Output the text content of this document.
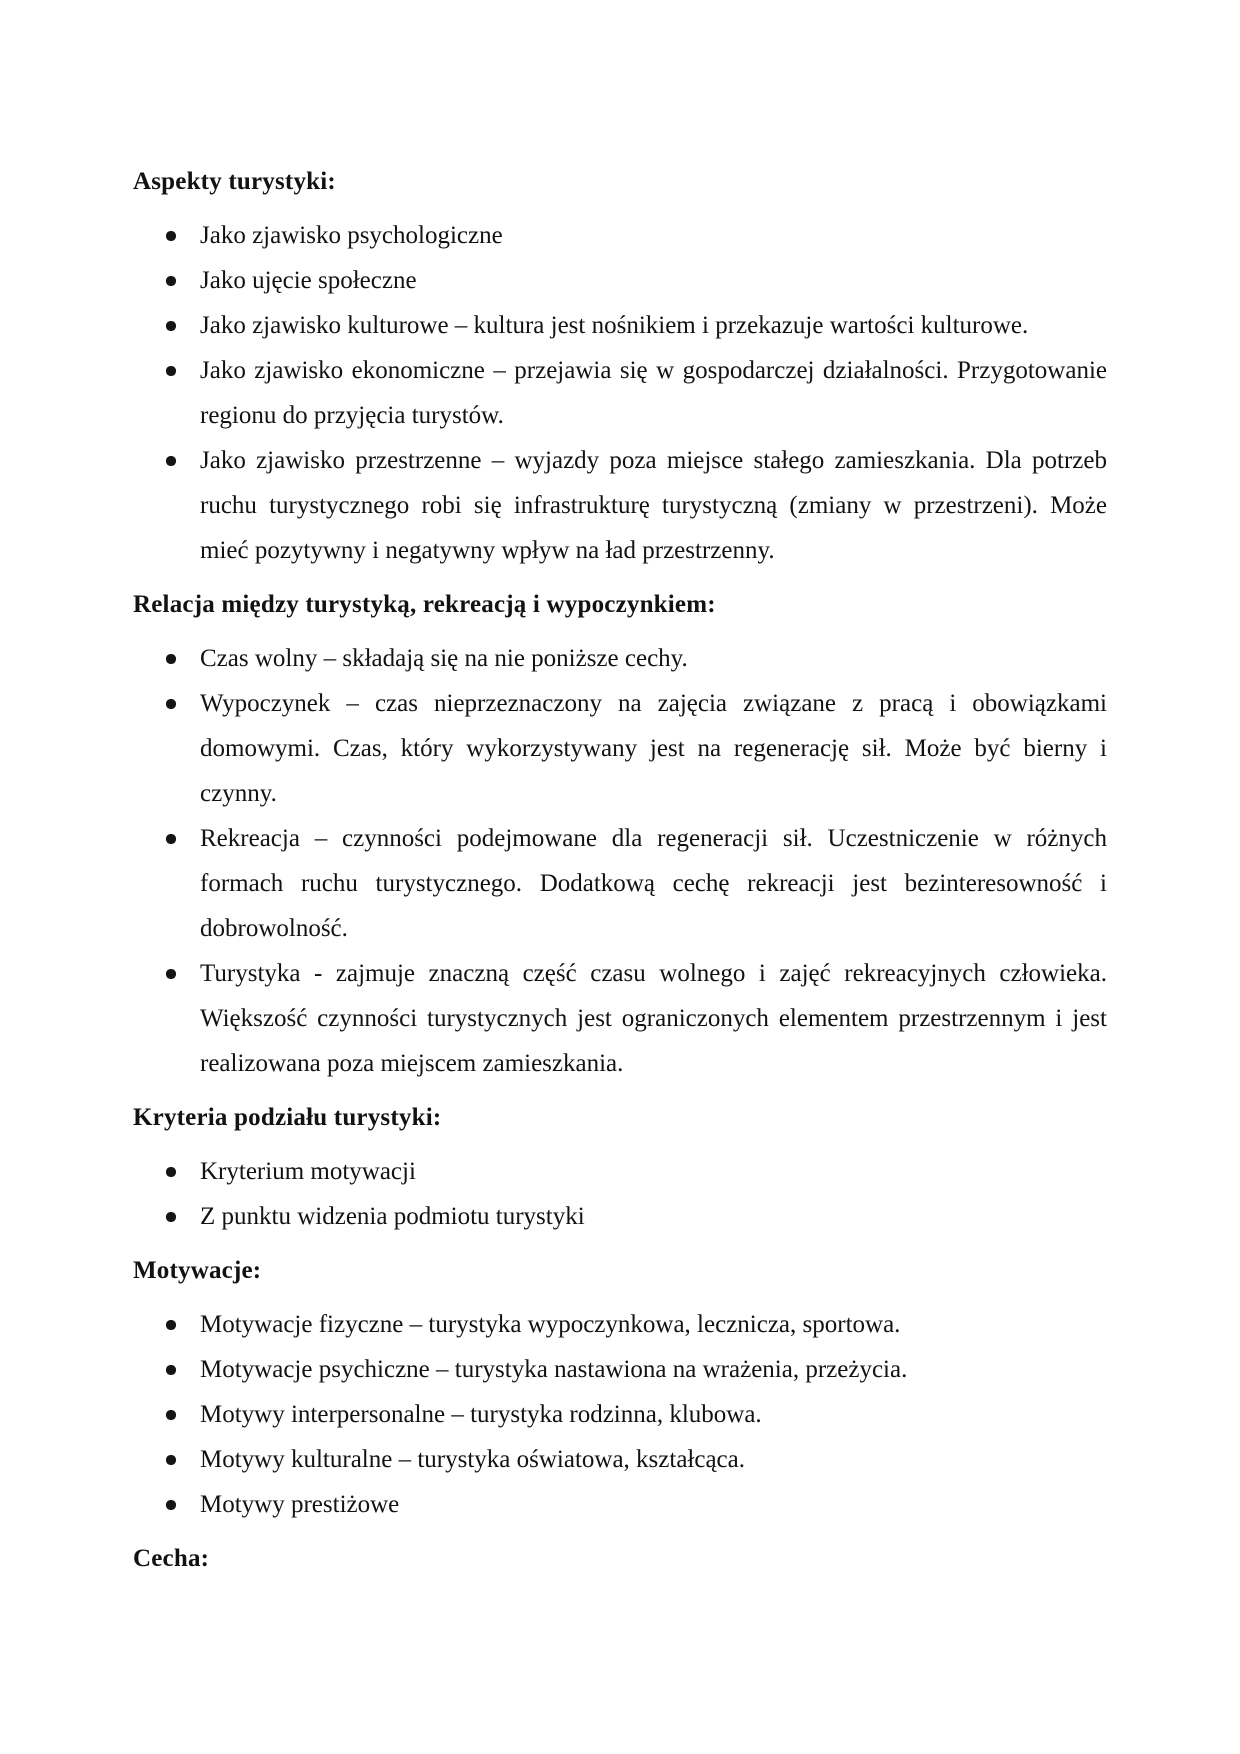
Aspekty turystyki:
Jako zjawisko psychologiczne
Jako ujęcie społeczne
Jako zjawisko kulturowe – kultura jest nośnikiem i przekazuje wartości kulturowe.
Jako zjawisko ekonomiczne – przejawia się w gospodarczej działalności. Przygotowanie regionu do przyjęcia turystów.
Jako zjawisko przestrzenne – wyjazdy poza miejsce stałego zamieszkania. Dla potrzeb ruchu turystycznego robi się infrastrukturę turystyczną (zmiany w przestrzeni). Może mieć pozytywny i negatywny wpływ na ład przestrzenny.
Relacja między turystyką, rekreacją i wypoczynkiem:
Czas wolny – składają się na nie poniższe cechy.
Wypoczynek – czas nieprzeznaczony na zajęcia związane z pracą i obowiązkami domowymi. Czas, który wykorzystywany jest na regenerację sił. Może być bierny i czynny.
Rekreacja – czynności podejmowane dla regeneracji sił. Uczestniczenie w różnych formach ruchu turystycznego. Dodatkową cechę rekreacji jest bezinteresowność i dobrowolność.
Turystyka - zajmuje znaczną część czasu wolnego i zajęć rekreacyjnych człowieka. Większość czynności turystycznych jest ograniczonych elementem przestrzennym i jest realizowana poza miejscem zamieszkania.
Kryteria podziału turystyki:
Kryterium motywacji
Z punktu widzenia podmiotu turystyki
Motywacje:
Motywacje fizyczne – turystyka wypoczynkowa, lecznicza, sportowa.
Motywacje psychiczne – turystyka nastawiona na wrażenia, przeżycia.
Motywy interpersonalne – turystyka rodzinna, klubowa.
Motywy kulturalne – turystyka oświatowa, kształcąca.
Motywy prestiżowe
Cecha:
